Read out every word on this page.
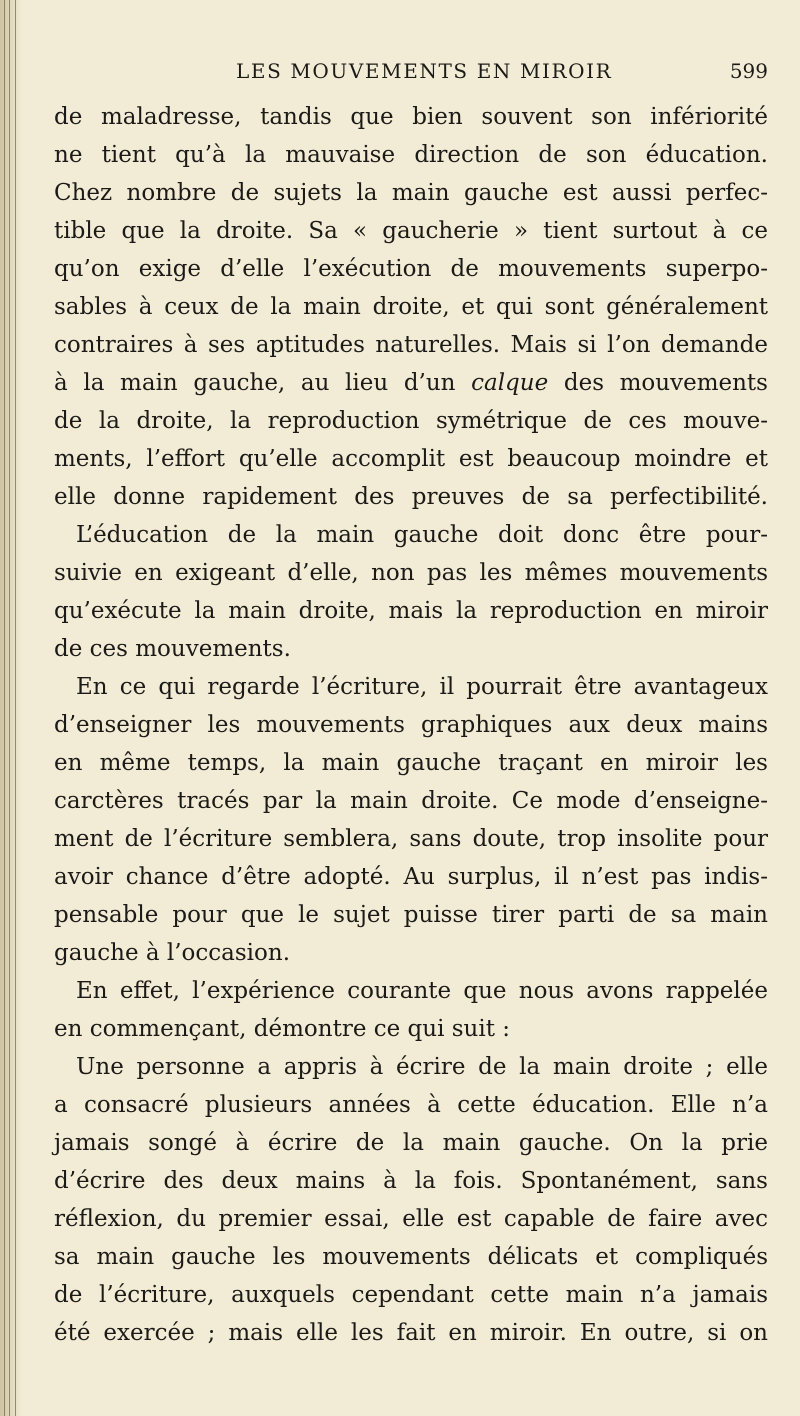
LES MOUVEMENTS EN MIROIR	599
de maladresse, tandis que bien souvent son infériorité
ne tient qu’à la mauvaise direction de son éducation.
Chez nombre de sujets la main gauche est aussi perfec-
tible que la droite. Sa « gaucherie » tient surtout à ce
qu’on exige d’elle l’exécution de mouvements superpo-
sables à ceux de la main droite, et qui sont généralement
contraires à ses aptitudes naturelles. Mais si l’on demande
à la main gauche, au lieu d’un calque des mouvements
de la droite, la reproduction symétrique de ces mouve-
ments, l’effort qu’elle accomplit est beaucoup moindre et
elle donne rapidement des preuves de sa perfectibilité.
L’éducation de la main gauche doit donc être pour-
suivie en exigeant d’elle, non pas les mêmes mouvements
qu’exécute la main droite, mais la reproduction en miroir
de ces mouvements.
En ce qui regarde l’écriture, il pourrait être avantageux
d’enseigner les mouvements graphiques aux deux mains
en même temps, la main gauche traçant en miroir les
carctères tracés par la main droite. Ce mode d’enseigne-
ment de l’écriture semblera, sans doute, trop insolite pour
avoir chance d’être adopté. Au surplus, il n’est pas indis-
pensable pour que le sujet puisse tirer parti de sa main
gauche à l’occasion.
En effet, l’expérience courante que nous avons rappelée
en commençant, démontre ce qui suit :
Une personne a appris à écrire de la main droite ; elle
a consacré plusieurs années à cette éducation. Elle n’a
jamais songé à écrire de la main gauche. On la prie
d’écrire des deux mains à la fois. Spontanément, sans
réflexion, du premier essai, elle est capable de faire avec
sa main gauche les mouvements délicats et compliqués
de l’écriture, auxquels cependant cette main n’a jamais
été exercée ; mais elle les fait en miroir. En outre, si on
